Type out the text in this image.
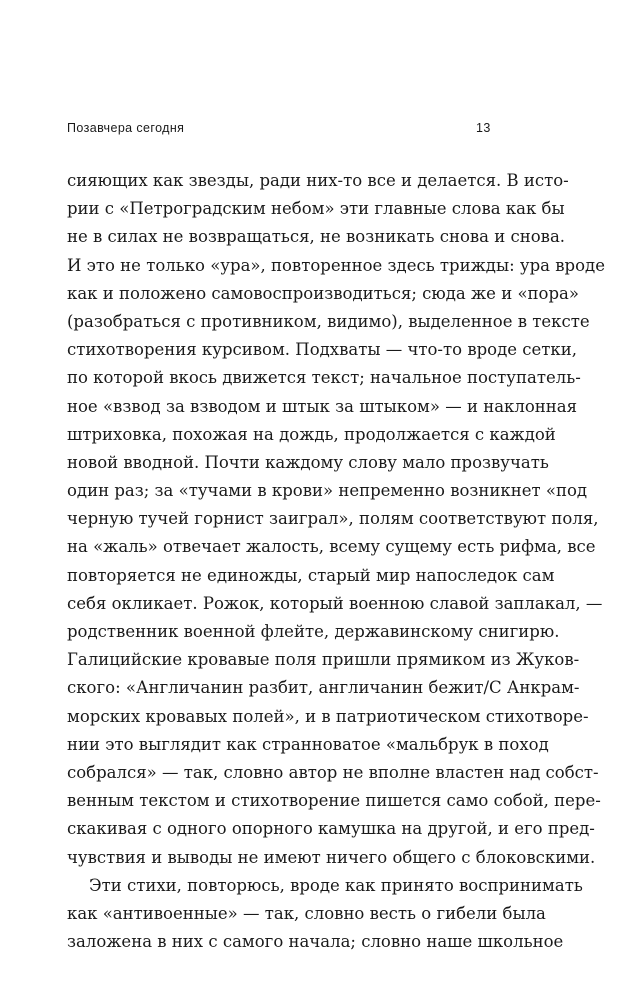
Позавчера сегодня	13
сияющих как звезды, ради них-то все и делается. В исто-
рии с «Петроградским небом» эти главные слова как бы
не в силах не возвращаться, не возникать снова и снова.
И это не только «ура», повторенное здесь трижды: ура вроде
как и положено самовоспроизводиться; сюда же и «пора»
(разобраться с противником, видимо), выделенное в тексте
стихотворения курсивом. Подхваты — что-то вроде сетки,
по которой вкось движется текст; начальное поступатель-
ное «взвод за взводом и штык за штыком» — и наклонная
штриховка, похожая на дождь, продолжается с каждой
новой вводной. Почти каждому слову мало прозвучать
один раз; за «тучами в крови» непременно возникнет «под
черную тучей горнист заиграл», полям соответствуют поля,
на «жаль» отвечает жалость, всему сущему есть рифма, все
повторяется не единожды, старый мир напоследок сам
себя окликает. Рожок, который военною славой заплакал, —
родственник военной флейте, державинскому снигирю.
Галицийские кровавые поля пришли прямиком из Жуков-
ского: «Англичанин разбит, англичанин бежит/С Анкрам-
морских кровавых полей», и в патриотическом стихотворе-
нии это выглядит как странноватое «мальбрук в поход
собрался» — так, словно автор не вполне властен над собст-
венным текстом и стихотворение пишется само собой, пере-
скакивая с одного опорного камушка на другой, и его пред-
чувствия и выводы не имеют ничего общего с блоковскими.
Эти стихи, повторюсь, вроде как принято воспринимать
как «антивоенные» — так, словно весть о гибели была
заложена в них с самого начала; словно наше школьное
